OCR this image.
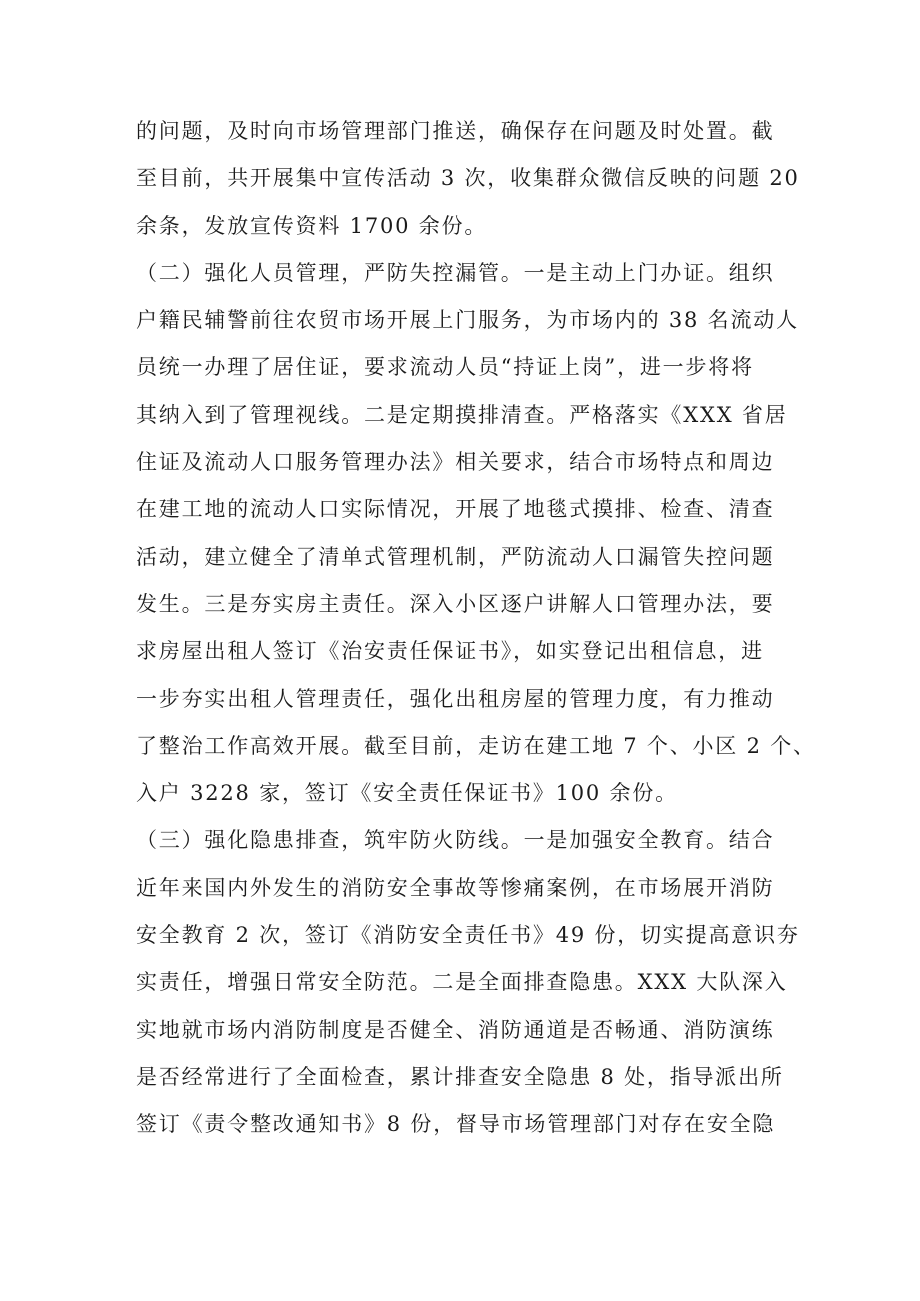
的问题，及时向市场管理部门推送，确保存在问题及时处置。截
至目前，共开展集中宣传活动 3 次，收集群众微信反映的问题 20
余条，发放宣传资料 1700 余份。
（二）强化人员管理，严防失控漏管。一是主动上门办证。组织
户籍民辅警前往农贸市场开展上门服务，为市场内的 38 名流动人
员统一办理了居住证，要求流动人员“持证上岗”，进一步将将
其纳入到了管理视线。二是定期摸排清查。严格落实《XXX 省居
住证及流动人口服务管理办法》相关要求，结合市场特点和周边
在建工地的流动人口实际情况，开展了地毯式摸排、检查、清查
活动，建立健全了清单式管理机制，严防流动人口漏管失控问题
发生。三是夯实房主责任。深入小区逐户讲解人口管理办法，要
求房屋出租人签订《治安责任保证书》，如实登记出租信息，进
一步夯实出租人管理责任，强化出租房屋的管理力度，有力推动
了整治工作高效开展。截至目前，走访在建工地 7 个、小区 2 个、
入户 3228 家，签订《安全责任保证书》100 余份。
（三）强化隐患排查，筑牢防火防线。一是加强安全教育。结合
近年来国内外发生的消防安全事故等惨痛案例，在市场展开消防
安全教育 2 次，签订《消防安全责任书》49 份，切实提高意识夯
实责任，增强日常安全防范。二是全面排查隐患。XXX 大队深入
实地就市场内消防制度是否健全、消防通道是否畅通、消防演练
是否经常进行了全面检查，累计排查安全隐患 8 处，指导派出所
签订《责令整改通知书》8 份，督导市场管理部门对存在安全隐
